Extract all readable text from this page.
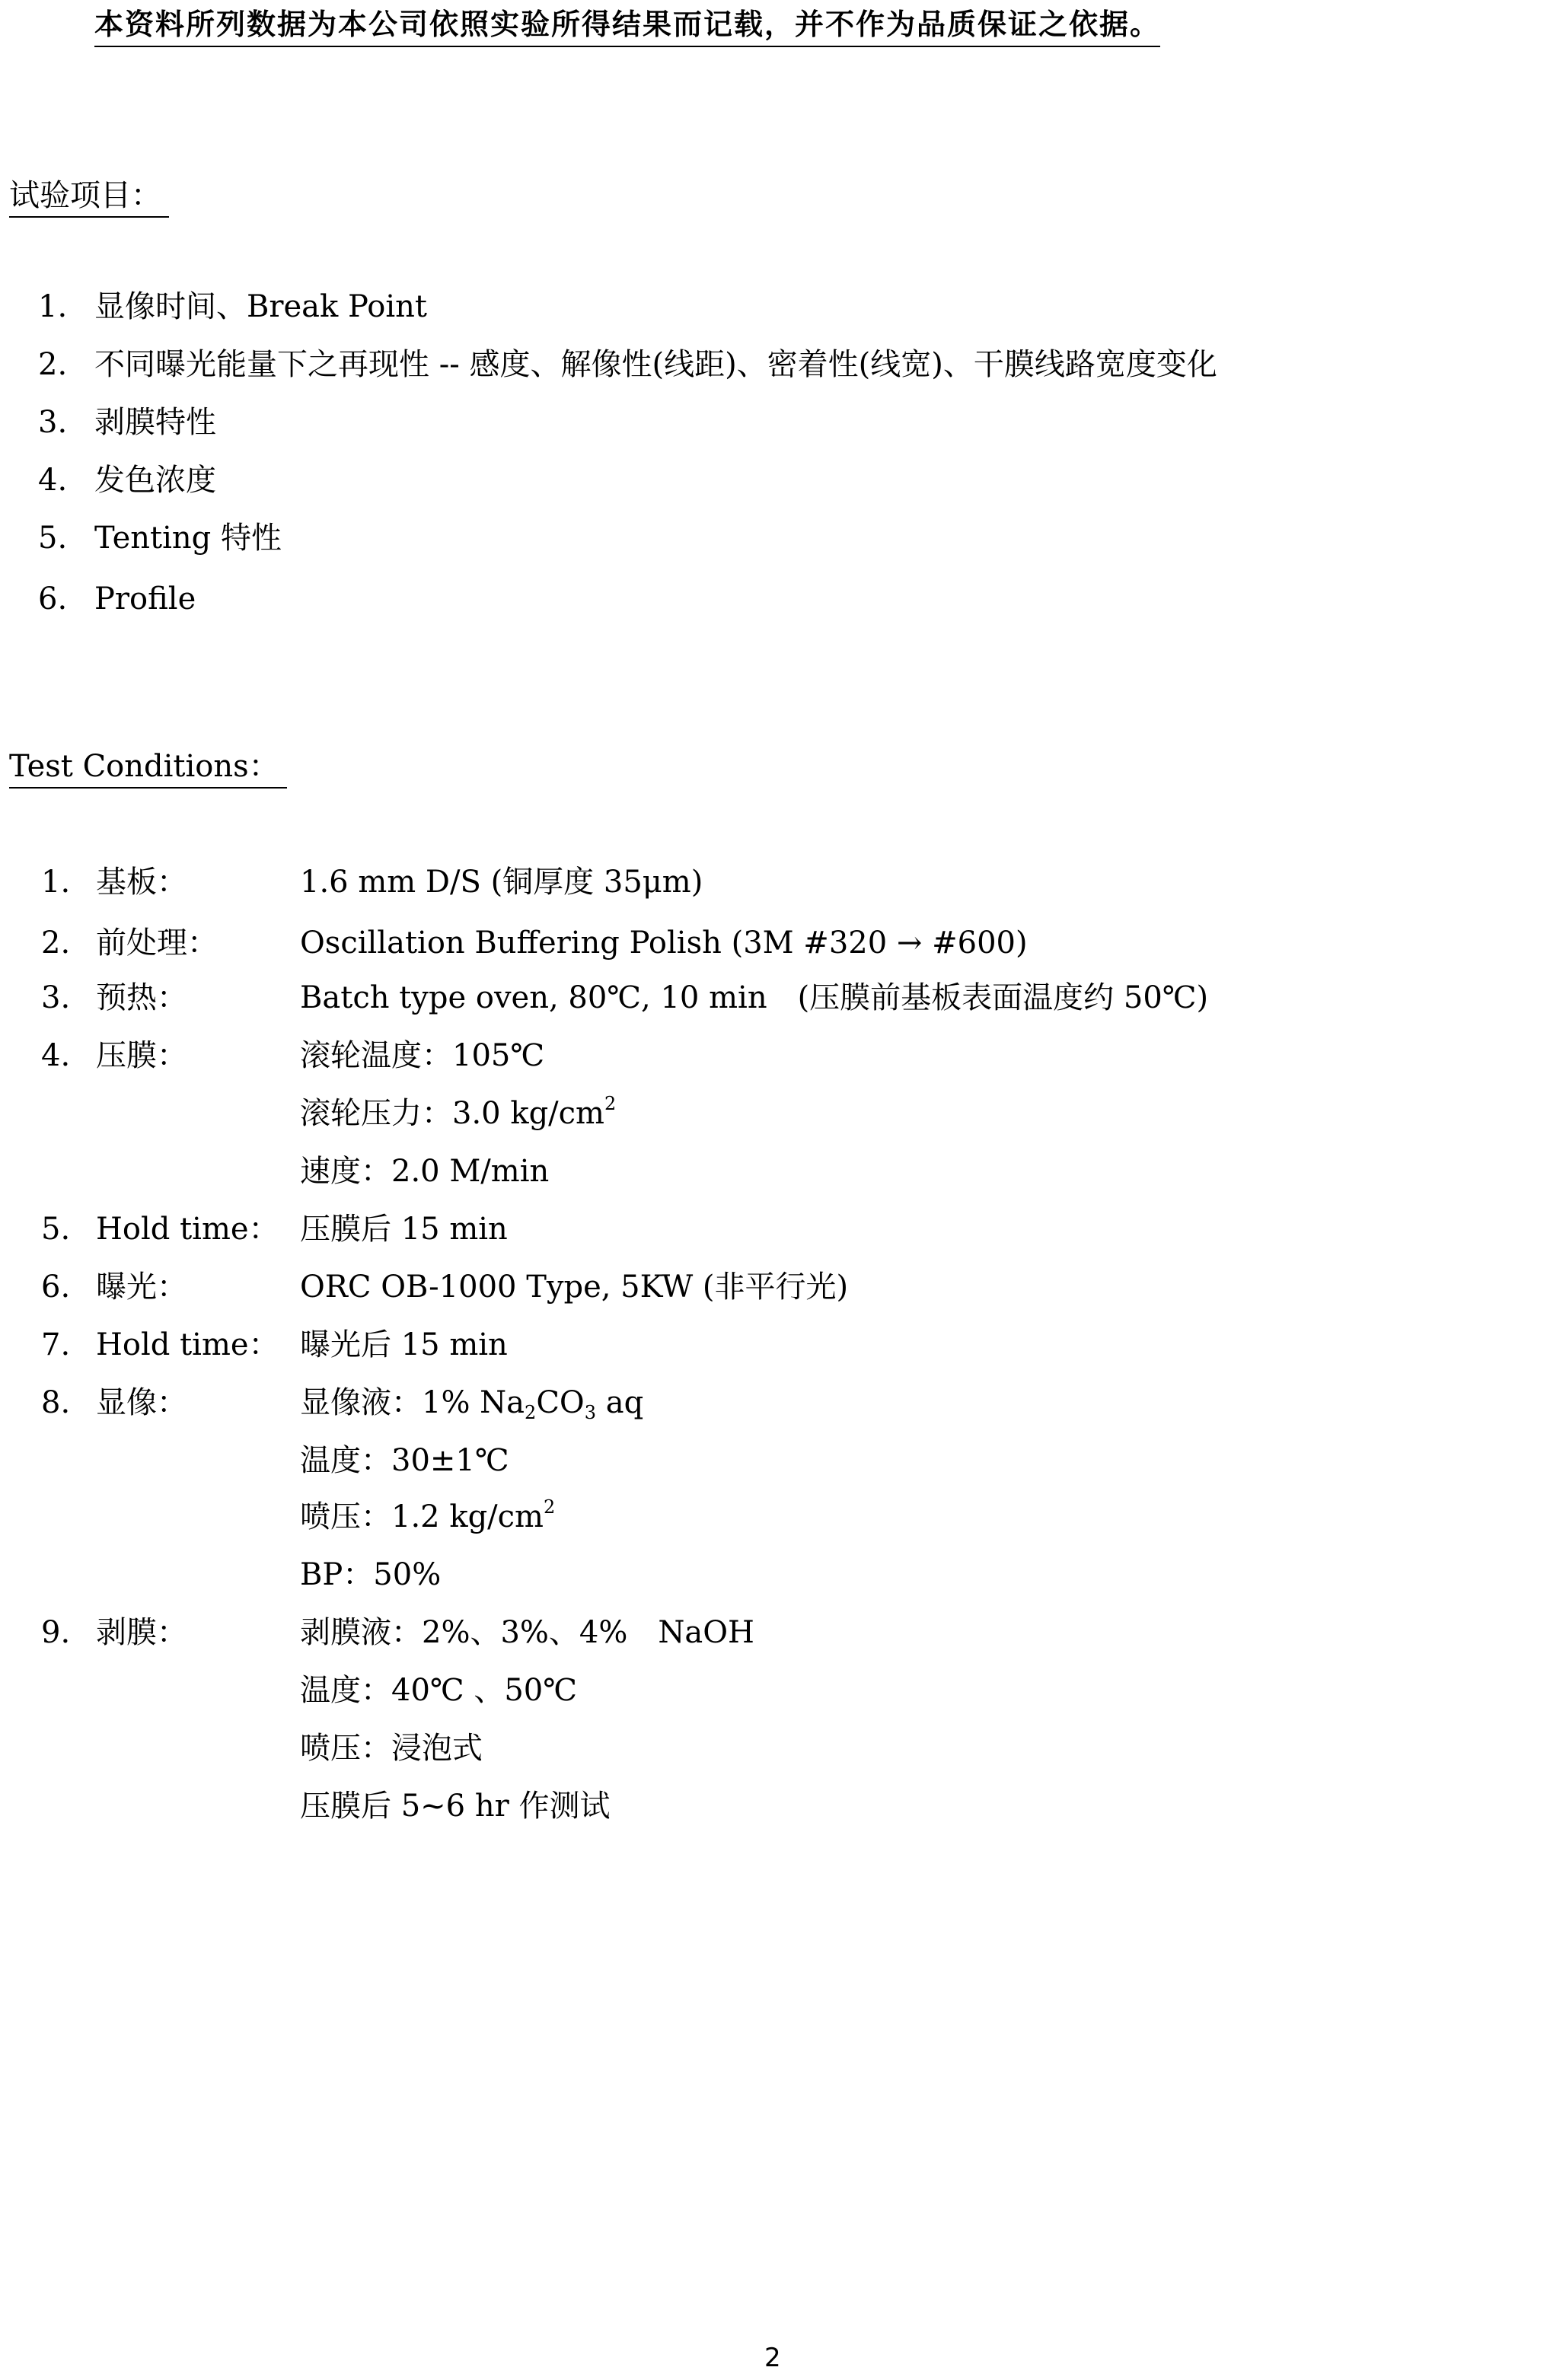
本资料所列数据为本公司依照实验所得结果而记载，并不作为品质保证之依据。
试验项目：
1. 显像时间、Break Point
2. 不同曝光能量下之再现性 -- 感度、解像性(线距)、密着性(线宽)、干膜线路宽度变化
3. 剥膜特性
4. 发色浓度
5. Tenting 特性
6. Profile
Test Conditions：
1. 基板：	1.6 mm D/S (铜厚度 35μm)
2. 前处理：	Oscillation Buffering Polish (3M #320 → #600)
3. 预热：	Batch type oven, 80℃, 10 min　(压膜前基板表面温度约 50℃)
4. 压膜：	滚轮温度：105℃
滚轮压力：3.0 $kg/cm^2$
速度：2.0 M/min
5. Hold time： 压膜后 15 min
6. 曝光：	ORC OB-1000 Type, 5KW (非平行光)
7. Hold time： 曝光后 15 min
8. 显像：	显像液：1% $Na_2CO_3$ aq
温度：30±1℃
喷压：1.2 $kg/cm^2$
BP：50%
9. 剥膜：	剥膜液：2%、3%、4%　NaOH
温度：40℃ 、50℃
喷压：浸泡式
压膜后 5~6 hr 作测试
2
